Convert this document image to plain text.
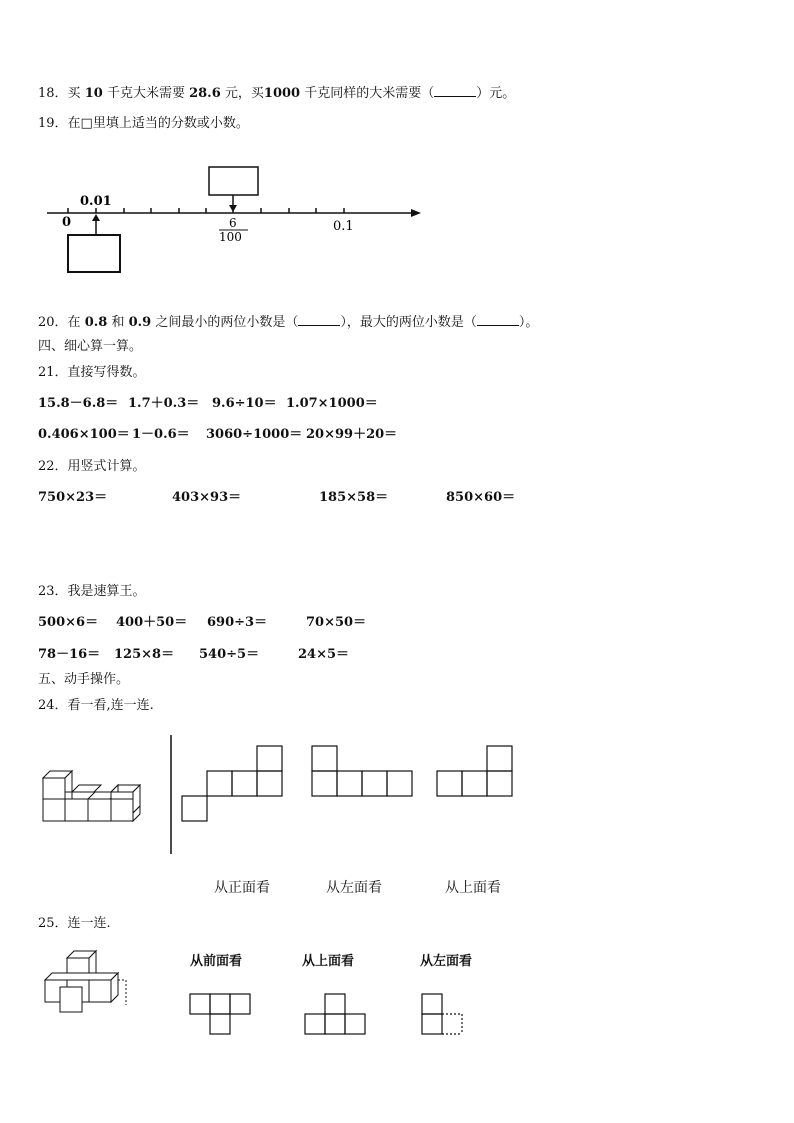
18．买 10 千克大米需要 28.6 元，买1000 千克同样的大米需要（	）元。
19．在□里填上适当的分数或小数。
0
0.01
6
100
0.1
20．在 0.8 和 0.9 之间最小的两位小数是（	），最大的两位小数是（	）。
四、细心算一算。
21．直接写得数。
15.8－6.8＝ 1.7＋0.3＝ 9.6÷10＝ 1.07×1000＝
0.406×100＝ 1－0.6＝ 3060÷1000＝ 20×99＋20＝
22．用竖式计算。
750×23＝	403×93＝	185×58＝	850×60＝
23．我是速算王。
500×6＝ 400＋50＝ 690÷3＝	70×50＝
78－16＝ 125×8＝ 540÷5＝	24×5＝
五、动手操作。
24．看一看,连一连.
从正面看	从左面看	从上面看
25．连一连.
从前面看	从上面看	从左面看
